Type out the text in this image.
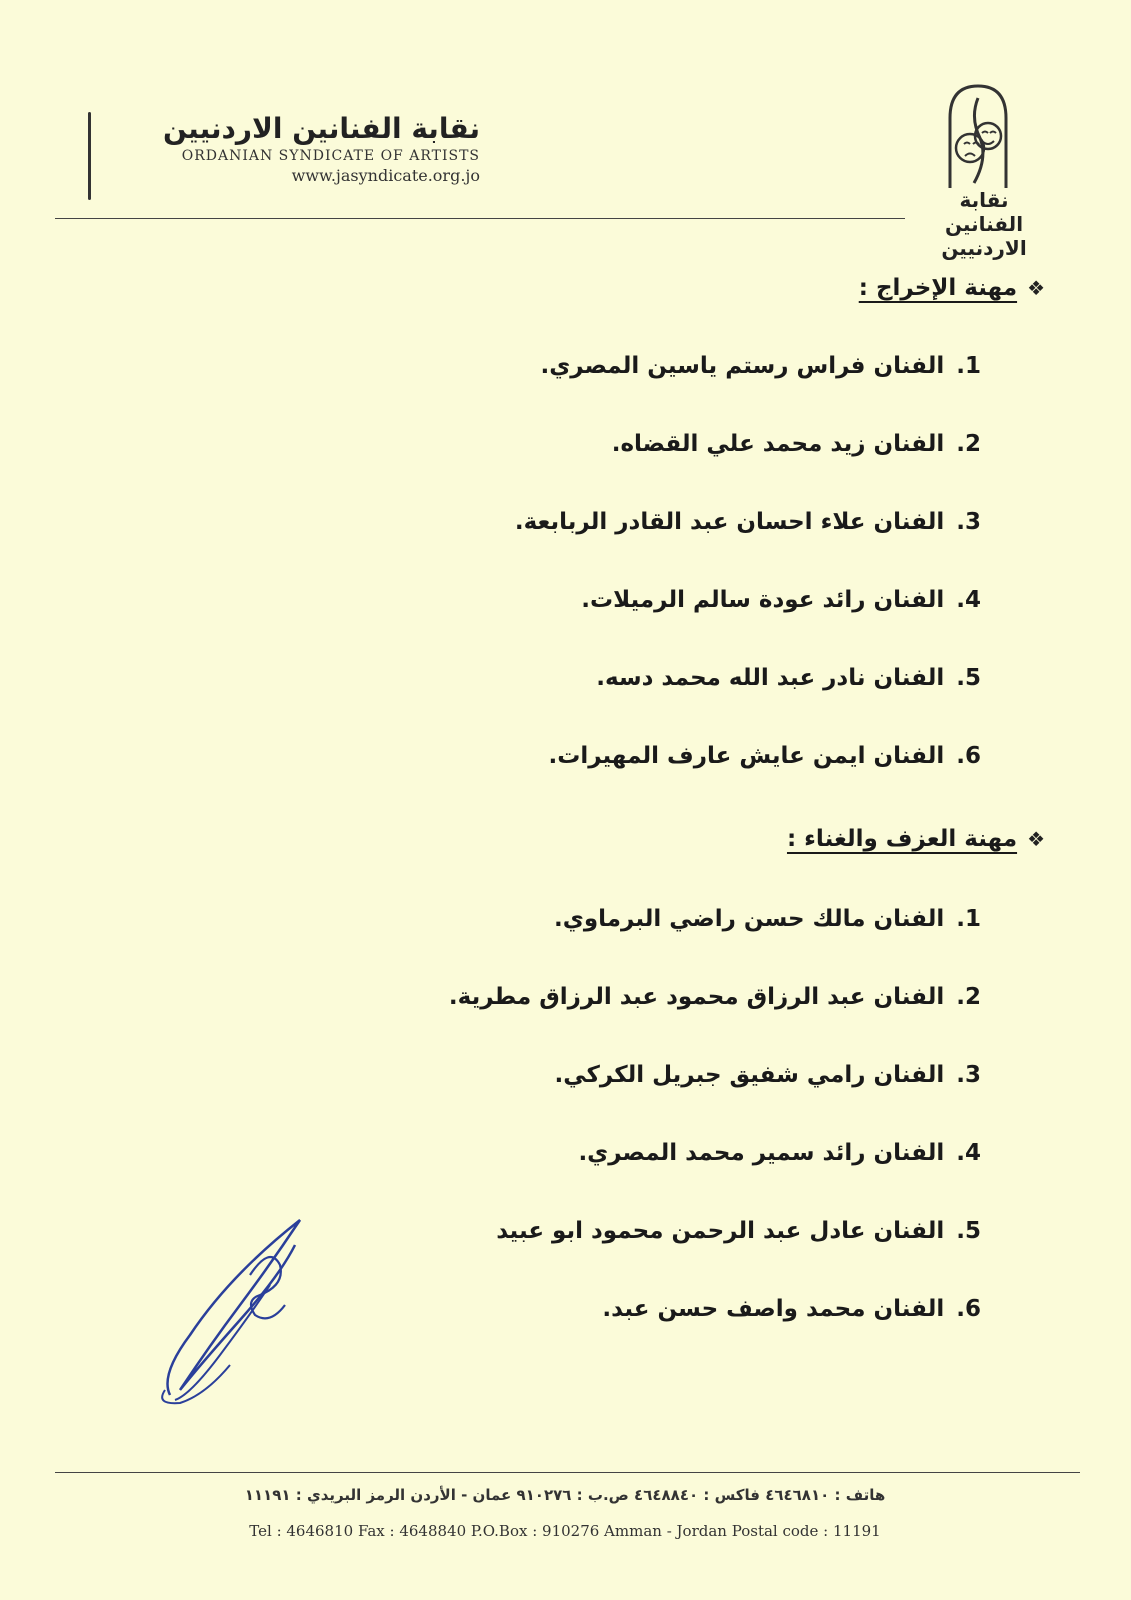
نقابة الفنانين الاردنيين
ORDANIAN SYNDICATE OF ARTISTS
www.jasyndicate.org.jo
نقابة الفنانين
الاردنيين
❖
مهنة الإخراج :
1.الفنان فراس رستم ياسين المصري.
2.الفنان زيد محمد علي القضاه.
3.الفنان علاء احسان عبد القادر الربابعة.
4.الفنان رائد عودة سالم الرميلات.
5.الفنان نادر عبد الله محمد دسه.
6.الفنان ايمن عايش عارف المهيرات.
❖
مهنة العزف والغناء :
1.الفنان مالك حسن راضي البرماوي.
2.الفنان عبد الرزاق محمود عبد الرزاق مطرية.
3.الفنان رامي شفيق جبريل الكركي.
4.الفنان رائد سمير محمد المصري.
5.الفنان عادل عبد الرحمن محمود ابو عبيد
6.الفنان محمد واصف حسن عبد.
هاتف : ٤٦٤٦٨١٠ فاكس : ٤٦٤٨٨٤٠ ص.ب : ٩١٠٢٧٦ عمان - الأردن الرمز البريدي : ١١١٩١
Tel : 4646810 Fax : 4648840 P.O.Box : 910276 Amman - Jordan Postal code : 11191
